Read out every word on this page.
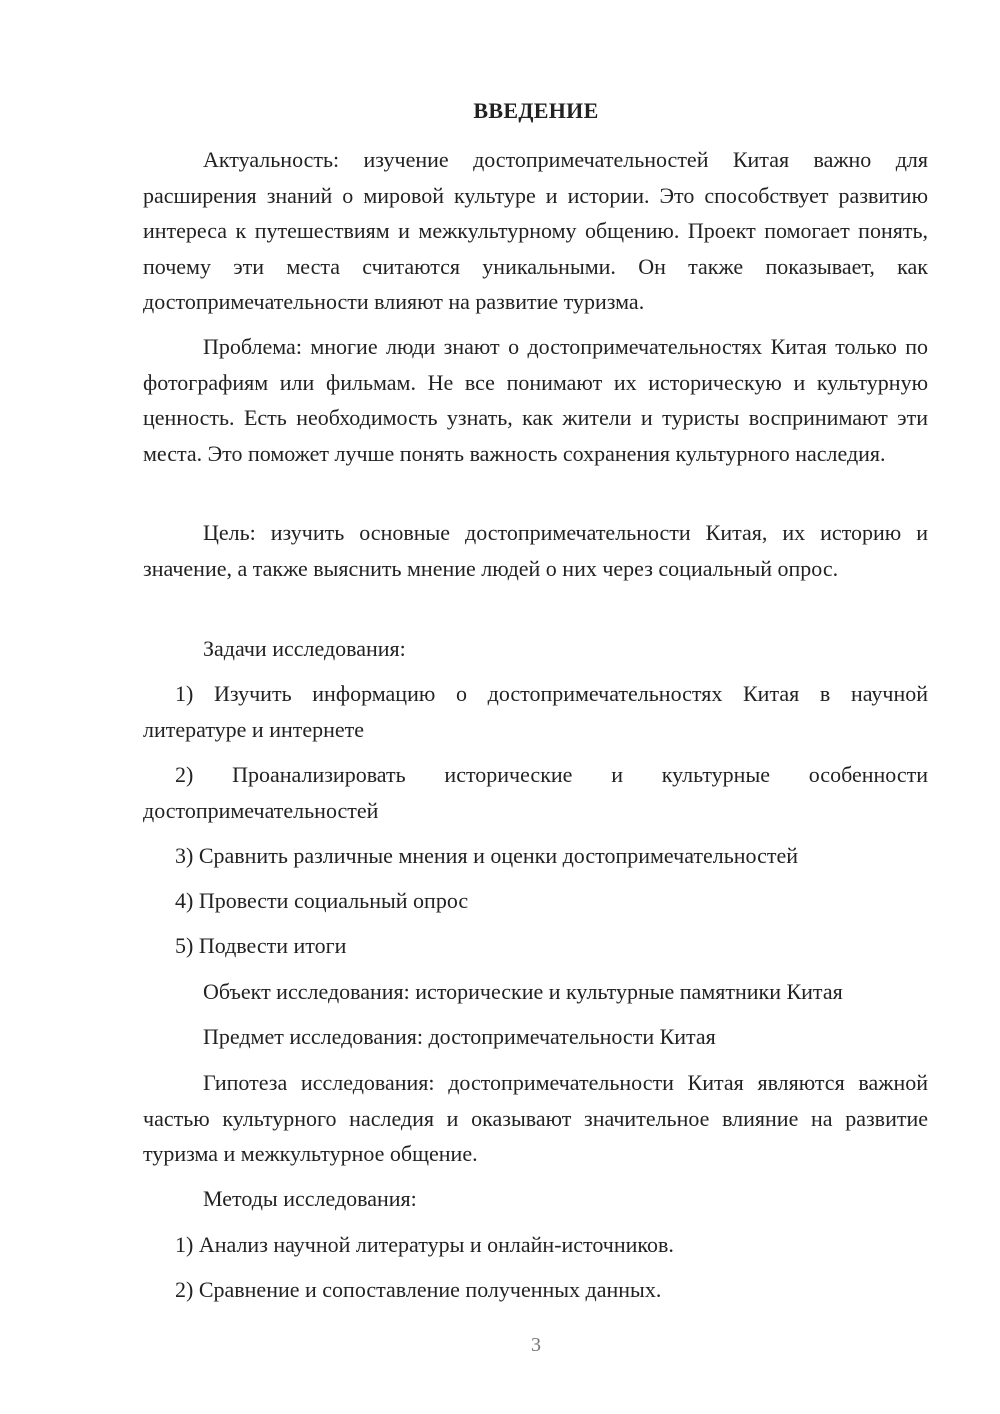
ВВЕДЕНИЕ

Актуальность: изучение достопримечательностей Китая важно для расширения знаний о мировой культуре и истории. Это способствует развитию интереса к путешествиям и межкультурному общению. Проект помогает понять, почему эти места считаются уникальными. Он также показывает, как достопримечательности влияют на развитие туризма.

Проблема: многие люди знают о достопримечательностях Китая только по фотографиям или фильмам. Не все понимают их историческую и культурную ценность. Есть необходимость узнать, как жители и туристы воспринимают эти места. Это поможет лучше понять важность сохранения культурного наследия.

Цель: изучить основные достопримечательности Китая, их историю и значение, а также выяснить мнение людей о них через социальный опрос.

Задачи исследования:

1) Изучить информацию о достопримечательностях Китая в научной литературе и интернете

2) Проанализировать исторические и культурные особенности достопримечательностей

3) Сравнить различные мнения и оценки достопримечательностей

4) Провести социальный опрос

5) Подвести итоги

Объект исследования: исторические и культурные памятники Китая

Предмет исследования: достопримечательности Китая

Гипотеза исследования: достопримечательности Китая являются важной частью культурного наследия и оказывают значительное влияние на развитие туризма и межкультурное общение.

Методы исследования:

1) Анализ научной литературы и онлайн-источников.

2) Сравнение и сопоставление полученных данных.

3
